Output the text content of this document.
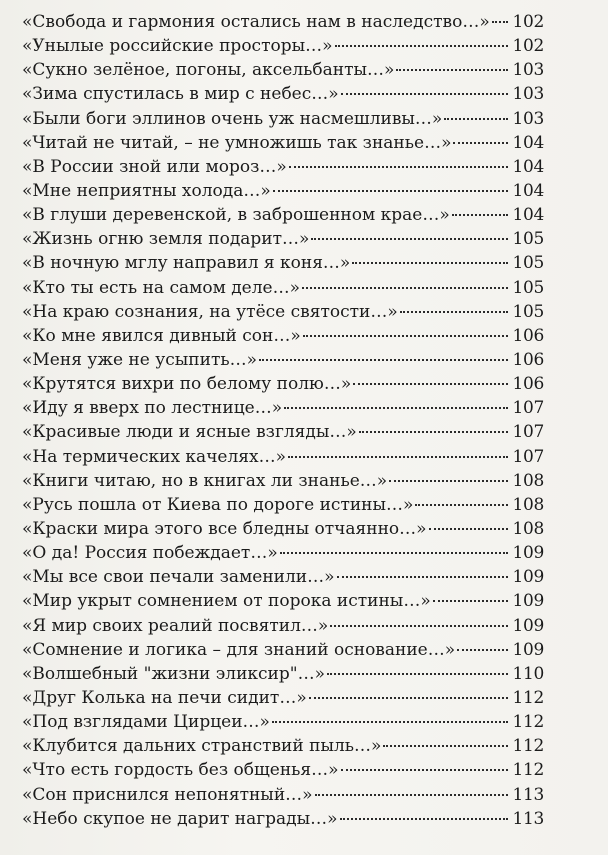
«Свобода и гармония остались нам в наследство…» 102
«Унылые российские просторы…»	102
«Сукно зелёное, погоны, аксельбанты…»	103
«Зима спустилась в мир с небес…»	103
«Были боги эллинов очень уж насмешливы…»	103
«Читай не читай, – не умножишь так знанье…»	104
«В России зной или мороз…»	104
«Мне неприятны холода…»	104
«В глуши деревенской, в заброшенном крае…»	104
«Жизнь огню земля подарит…»	105
«В ночную мглу направил я коня…»	105
«Кто ты есть на самом деле…»	105
«На краю сознания, на утёсе святости…»	105
«Ко мне явился дивный сон…»	106
«Меня уже не усыпить…»	106
«Крутятся вихри по белому полю…»	106
«Иду я вверх по лестнице…»	107
«Красивые люди и ясные взгляды…»	107
«На термических качелях…»	107
«Книги читаю, но в книгах ли знанье…»	108
«Русь пошла от Киева по дороге истины…»	108
«Краски мира этого все бледны отчаянно…»	108
«О да! Россия побеждает…»	109
«Мы все свои печали заменили…»	109
«Мир укрыт сомнением от порока истины…»	109
«Я мир своих реалий посвятил…»	109
«Сомнение и логика – для знаний основание…»	109
«Волшебный "жизни эликсир"…»	110
«Друг Колька на печи сидит…»	112
«Под взглядами Цирцеи…»	112
«Клубится дальних странствий пыль…»	112
«Что есть гордость без общенья…»	112
«Сон приснился непонятный…»	113
«Небо скупое не дарит награды…»	113
